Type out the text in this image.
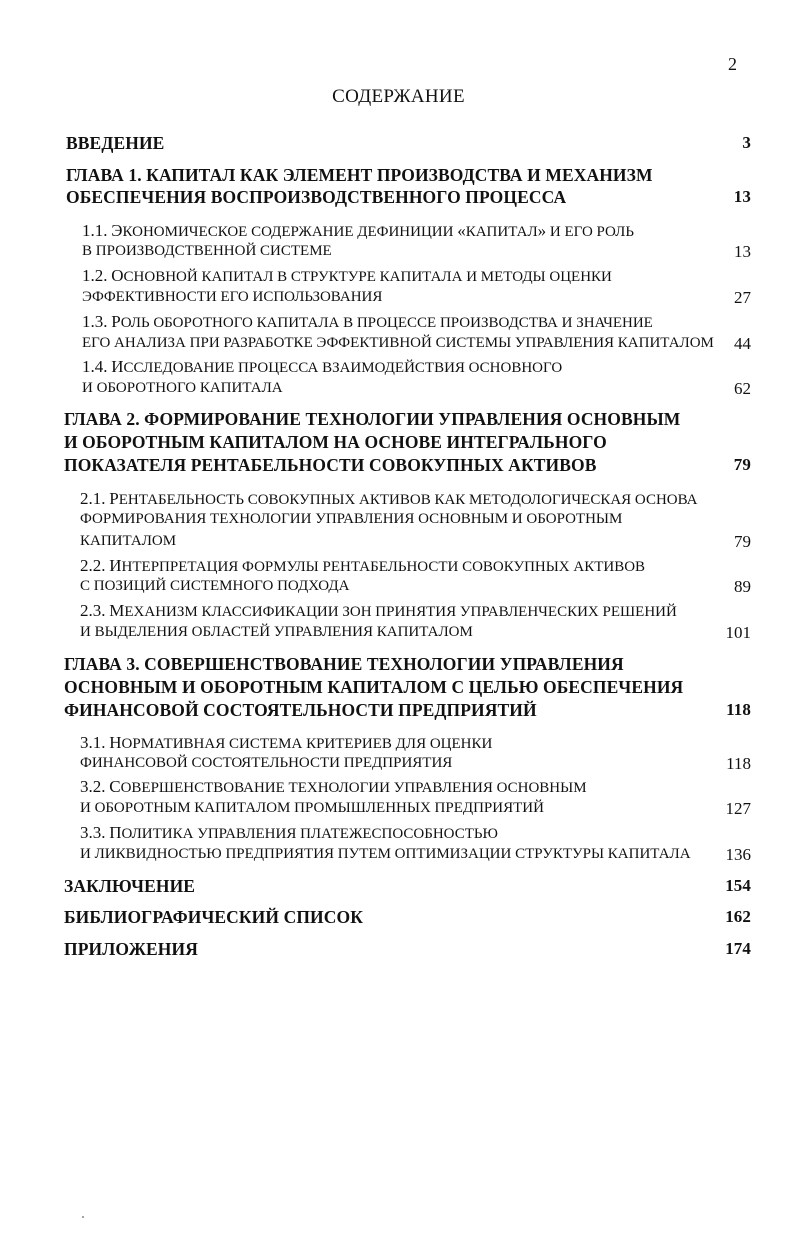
2
СОДЕРЖАНИЕ
ВВЕДЕНИЕ	3
ГЛАВА 1. КАПИТАЛ КАК ЭЛЕМЕНТ ПРОИЗВОДСТВА И МЕХАНИЗМ
ОБЕСПЕЧЕНИЯ ВОСПРОИЗВОДСТВЕННОГО ПРОЦЕССА	13
1.1. ЭКОНОМИЧЕСКОЕ СОДЕРЖАНИЕ ДЕФИНИЦИИ «КАПИТАЛ» И ЕГО РОЛЬ
В ПРОИЗВОДСТВЕННОЙ СИСТЕМЕ	13
1.2. ОСНОВНОЙ КАПИТАЛ В СТРУКТУРЕ КАПИТАЛА И МЕТОДЫ ОЦЕНКИ
ЭФФЕКТИВНОСТИ ЕГО ИСПОЛЬЗОВАНИЯ	27
1.3. РОЛЬ ОБОРОТНОГО КАПИТАЛА В ПРОЦЕССЕ ПРОИЗВОДСТВА И ЗНАЧЕНИЕ
ЕГО АНАЛИЗА ПРИ РАЗРАБОТКЕ ЭФФЕКТИВНОЙ СИСТЕМЫ УПРАВЛЕНИЯ КАПИТАЛОМ	44
1.4. ИССЛЕДОВАНИЕ ПРОЦЕССА ВЗАИМОДЕЙСТВИЯ ОСНОВНОГО
И ОБОРОТНОГО КАПИТАЛА	62
ГЛАВА 2. ФОРМИРОВАНИЕ ТЕХНОЛОГИИ УПРАВЛЕНИЯ ОСНОВНЫМ
И ОБОРОТНЫМ КАПИТАЛОМ НА ОСНОВЕ ИНТЕГРАЛЬНОГО
ПОКАЗАТЕЛЯ РЕНТАБЕЛЬНОСТИ СОВОКУПНЫХ АКТИВОВ	79
2.1. РЕНТАБЕЛЬНОСТЬ СОВОКУПНЫХ АКТИВОВ КАК МЕТОДОЛОГИЧЕСКАЯ ОСНОВА
ФОРМИРОВАНИЯ ТЕХНОЛОГИИ УПРАВЛЕНИЯ ОСНОВНЫМ И ОБОРОТНЫМ
КАПИТАЛОМ	79
2.2. ИНТЕРПРЕТАЦИЯ ФОРМУЛЫ РЕНТАБЕЛЬНОСТИ СОВОКУПНЫХ АКТИВОВ
С ПОЗИЦИЙ СИСТЕМНОГО ПОДХОДА	89
2.3. МЕХАНИЗМ КЛАССИФИКАЦИИ ЗОН ПРИНЯТИЯ УПРАВЛЕНЧЕСКИХ РЕШЕНИЙ
И ВЫДЕЛЕНИЯ ОБЛАСТЕЙ УПРАВЛЕНИЯ КАПИТАЛОМ	101
ГЛАВА 3. СОВЕРШЕНСТВОВАНИЕ ТЕХНОЛОГИИ УПРАВЛЕНИЯ
ОСНОВНЫМ И ОБОРОТНЫМ КАПИТАЛОМ С ЦЕЛЬЮ ОБЕСПЕЧЕНИЯ
ФИНАНСОВОЙ СОСТОЯТЕЛЬНОСТИ ПРЕДПРИЯТИЙ	118
3.1. НОРМАТИВНАЯ СИСТЕМА КРИТЕРИЕВ ДЛЯ ОЦЕНКИ
ФИНАНСОВОЙ СОСТОЯТЕЛЬНОСТИ ПРЕДПРИЯТИЯ	118
3.2. СОВЕРШЕНСТВОВАНИЕ ТЕХНОЛОГИИ УПРАВЛЕНИЯ ОСНОВНЫМ
И ОБОРОТНЫМ КАПИТАЛОМ ПРОМЫШЛЕННЫХ ПРЕДПРИЯТИЙ	127
3.3. ПОЛИТИКА УПРАВЛЕНИЯ ПЛАТЕЖЕСПОСОБНОСТЬЮ
И ЛИКВИДНОСТЬЮ ПРЕДПРИЯТИЯ ПУТЕМ ОПТИМИЗАЦИИ СТРУКТУРЫ КАПИТАЛА	136
ЗАКЛЮЧЕНИЕ	154
БИБЛИОГРАФИЧЕСКИЙ СПИСОК	162
ПРИЛОЖЕНИЯ	174
